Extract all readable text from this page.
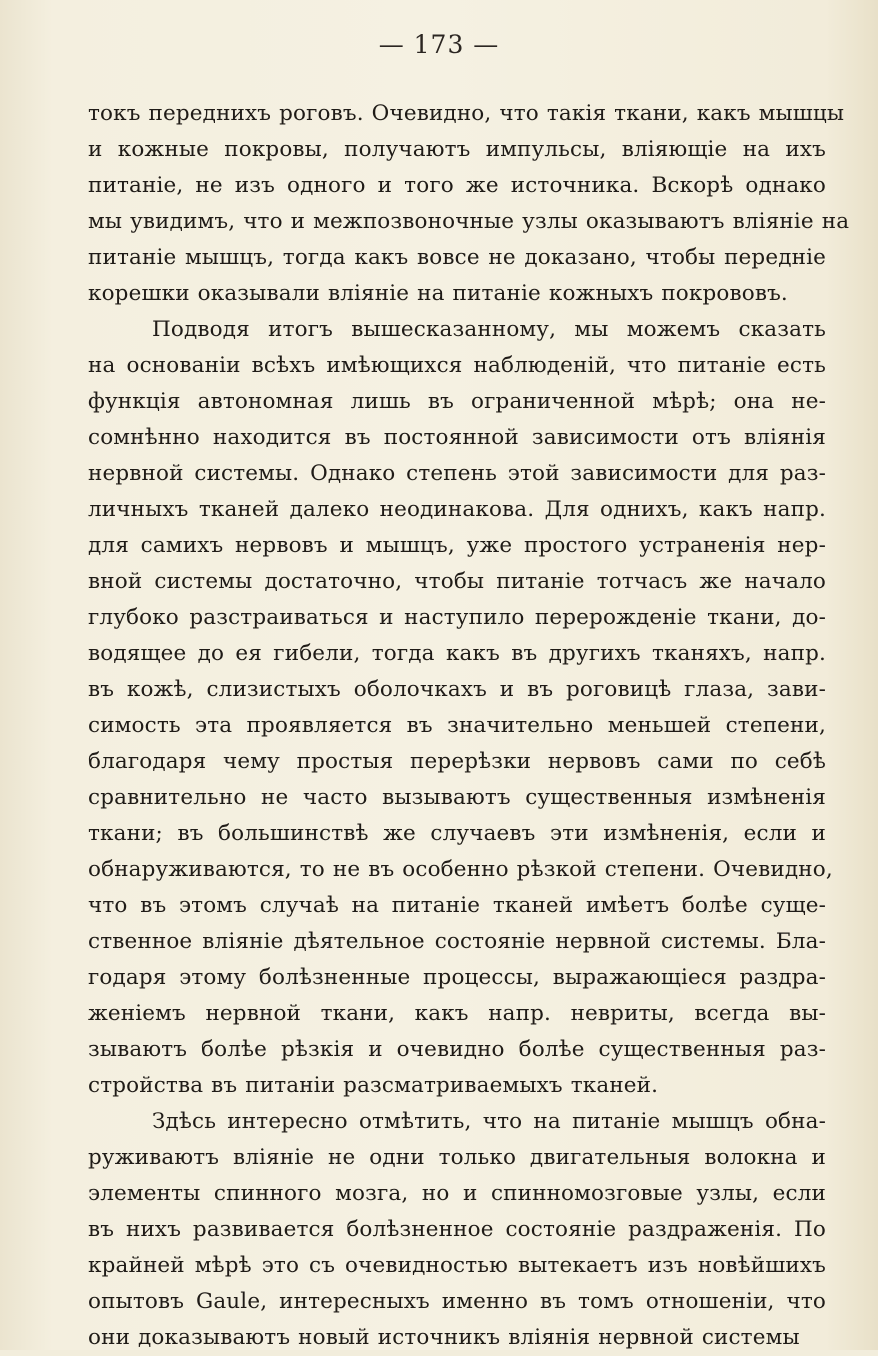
— 173 —
токъ переднихъ роговъ. Очевидно, что такія ткани, какъ мышцы
и кожные покровы, получаютъ импульсы, вліяющіе на ихъ
питаніе, не изъ одного и того же источника. Вскорѣ однако
мы увидимъ, что и межпозвоночные узлы оказываютъ вліяніе на
питаніе мышцъ, тогда какъ вовсе не доказано, чтобы передніе
корешки оказывали вліяніе на питаніе кожныхъ покрововъ.
Подводя итогъ вышесказанному, мы можемъ сказать
на основаніи всѣхъ имѣющихся наблюденій, что питаніе есть
функція автономная лишь въ ограниченной мѣрѣ; она не-
сомнѣнно находится въ постоянной зависимости отъ вліянія
нервной системы. Однако степень этой зависимости для раз-
личныхъ тканей далеко неодинакова. Для однихъ, какъ напр.
для самихъ нервовъ и мышцъ, уже простого устраненія нер-
вной системы достаточно, чтобы питаніе тотчасъ же начало
глубоко разстраиваться и наступило перерожденіе ткани, до-
водящее до ея гибели, тогда какъ въ другихъ тканяхъ, напр.
въ кожѣ, слизистыхъ оболочкахъ и въ роговицѣ глаза, зави-
симость эта проявляется въ значительно меньшей степени,
благодаря чему простыя перерѣзки нервовъ сами по себѣ
сравнительно не часто вызываютъ существенныя измѣненія
ткани; въ большинствѣ же случаевъ эти измѣненія, если и
обнаруживаются, то не въ особенно рѣзкой степени. Очевидно,
что въ этомъ случаѣ на питаніе тканей имѣетъ болѣе суще-
ственное вліяніе дѣятельное состояніе нервной системы. Бла-
годаря этому болѣзненные процессы, выражающіеся раздра-
женіемъ нервной ткани, какъ напр. невриты, всегда вы-
зываютъ болѣе рѣзкія и очевидно болѣе существенныя раз-
стройства въ питаніи разсматриваемыхъ тканей.
Здѣсь интересно отмѣтить, что на питаніе мышцъ обна-
руживаютъ вліяніе не одни только двигательныя волокна и
элементы спинного мозга, но и спинномозговые узлы, если
въ нихъ развивается болѣзненное состояніе раздраженія. По
крайней мѣрѣ это съ очевидностью вытекаетъ изъ новѣйшихъ
опытовъ Gaule, интересныхъ именно въ томъ отношеніи, что
они доказываютъ новый источникъ вліянія нервной системы
